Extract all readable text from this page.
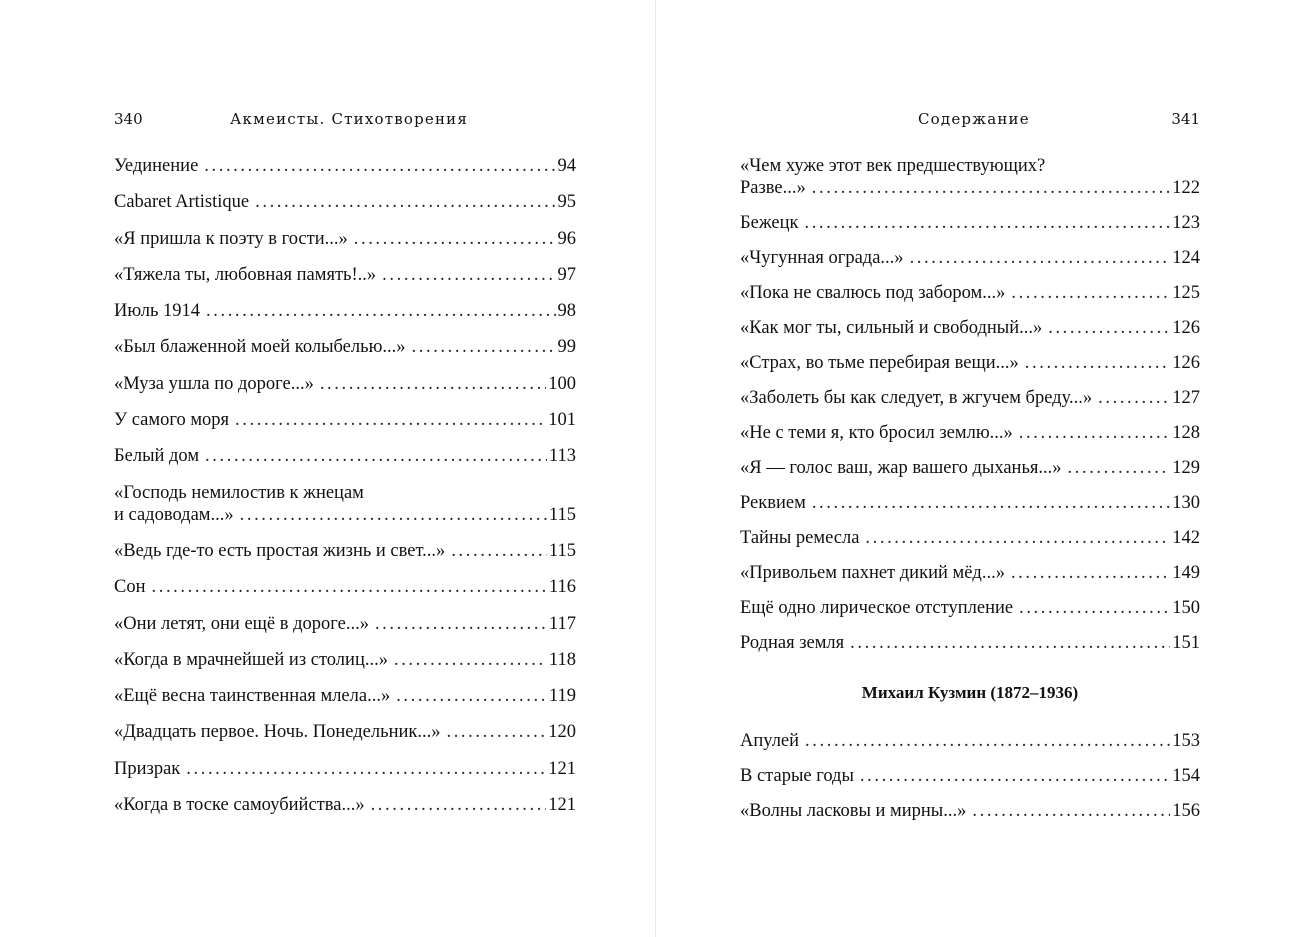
340	Акмеисты. Стихотворения
Уединение .....	94
Cabaret Artistique .....	95
«Я пришла к поэту в гости...» .....	96
«Тяжела ты, любовная память!..» .....	97
Июль 1914 .....	98
«Был блаженной моей колыбелью...» .....	99
«Муза ушла по дороге...» .....	100
У самого моря .....	101
Белый дом .....	113
«Господь немилостив к жнецам
и садоводам...» .....	115
«Ведь где-то есть простая жизнь и свет...» .....	115
Сон .....	116
«Они летят, они ещё в дороге...» .....	117
«Когда в мрачнейшей из столиц...» .....	118
«Ещё весна таинственная млела...» .....	119
«Двадцать первое. Ночь. Понедельник...» .....	120
Призрак .....	121
«Когда в тоске самоубийства...» .....	121
Содержание	341
«Чем хуже этот век предшествующих?
Разве...» .....	122
Бежецк .....	123
«Чугунная ограда...» .....	124
«Пока не свалюсь под забором...» .....	125
«Как мог ты, сильный и свободный...» .....	126
«Страх, во тьме перебирая вещи...» .....	126
«Заболеть бы как следует, в жгучем бреду...» .....	127
«Не с теми я, кто бросил землю...» .....	128
«Я — голос ваш, жар вашего дыханья...» .....	129
Реквием .....	130
Тайны ремесла .....	142
«Привольем пахнет дикий мёд...» .....	149
Ещё одно лирическое отступление .....	150
Родная земля .....	151
Михаил Кузмин (1872–1936)
Апулей .....	153
В старые годы .....	154
«Волны ласковы и мирны...» .....	156
